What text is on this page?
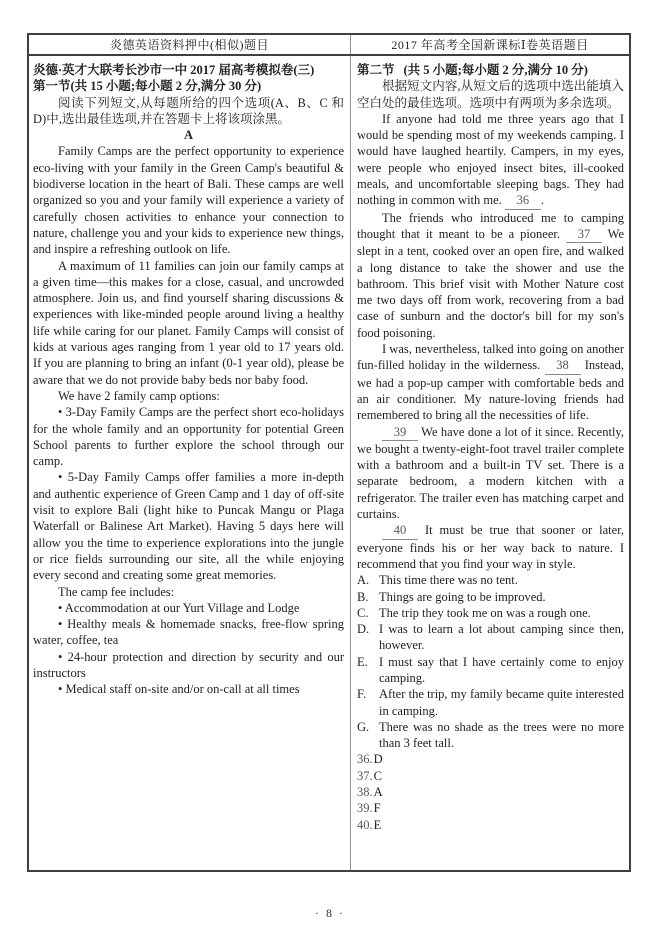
炎德英语资料押中(相似)题目	2017 年高考全国新课标Ⅰ卷英语题目
炎德·英才大联考长沙市一中 2017 届高考模拟卷(三)
第一节(共 15 小题;每小题 2 分,满分 30 分)

阅读下列短文,从每题所给的四个选项(A、B、C 和 D)中,选出最佳选项,并在答题卡上将该项涂黑。

A

Family Camps are the perfect opportunity to experience eco-living with your family in the Green Camp's beautiful & biodiverse location in the heart of Bali. These camps are well organized so you and your family will experience a variety of carefully chosen activities to enhance your connection to nature, challenge you and your kids to experience new things, and inspire a refreshing outlook on life.

A maximum of 11 families can join our family camps at a given time—this makes for a close, casual, and uncrowded atmosphere. Join us, and find yourself sharing discussions & experiences with like-minded people around living a healthy life while caring for our planet. Family Camps will consist of kids at various ages ranging from 1 year old to 17 years old. If you are planning to bring an infant (0-1 year old), please be aware that we do not provide baby beds nor baby food.

We have 2 family camp options:

• 3-Day Family Camps are the perfect short eco-holidays for the whole family and an opportunity for potential Green School parents to further explore the school through our camp.

• 5-Day Family Camps offer families a more in-depth and authentic experience of Green Camp and 1 day of off-site visit to explore Bali (light hike to Puncak Mangu or Plaga Waterfall or Balinese Art Market). Having 5 days here will allow you the time to experience explorations into the jungle or rice fields surrounding our site, all the while enjoying every second and creating some great memories.

The camp fee includes:

• Accommodation at our Yurt Village and Lodge

• Healthy meals & homemade snacks, free-flow spring water, coffee, tea

• 24-hour protection and direction by security and our instructors

• Medical staff on-site and/or on-call at all times

第二节 (共 5 小题;每小题 2 分,满分 10 分)

根据短文内容,从短文后的选项中选出能填入空白处的最佳选项。选项中有两项为多余选项。

If anyone had told me three years ago that I would be spending most of my weekends camping. I would have laughed heartily. Campers, in my eyes, were people who enjoyed insect bites, ill-cooked meals, and uncomfortable sleeping bags. They had nothing in common with me. 36 .

The friends who introduced me to camping thought that it meant to be a pioneer. 37 We slept in a tent, cooked over an open fire, and walked a long distance to take the shower and use the bathroom. This brief visit with Mother Nature cost me two days off from work, recovering from a bad case of sunburn and the doctor's bill for my son's food poisoning.

I was, nevertheless, talked into going on another fun-filled holiday in the wilderness. 38 Instead, we had a pop-up camper with comfortable beds and an air conditioner. My nature-loving friends had remembered to bring all the necessities of life.

39 We have done a lot of it since. Recently, we bought a twenty-eight-foot travel trailer complete with a bathroom and a built-in TV set. There is a separate bedroom, a modern kitchen with a refrigerator. The trailer even has matching carpet and curtains.

40 It must be true that sooner or later, everyone finds his or her way back to nature. I recommend that you find your way in style.

A. This time there was no tent.
B. Things are going to be improved.
C. The trip they took me on was a rough one.
D. I was to learn a lot about camping since then, however.
E. I must say that I have certainly come to enjoy camping.
F.	After the trip, my family became quite interested in camping.
G. There was no shade as the trees were no more than 3 feet tall.
36. D
37. C
38. A
39. F
40. E
· 8 ·
